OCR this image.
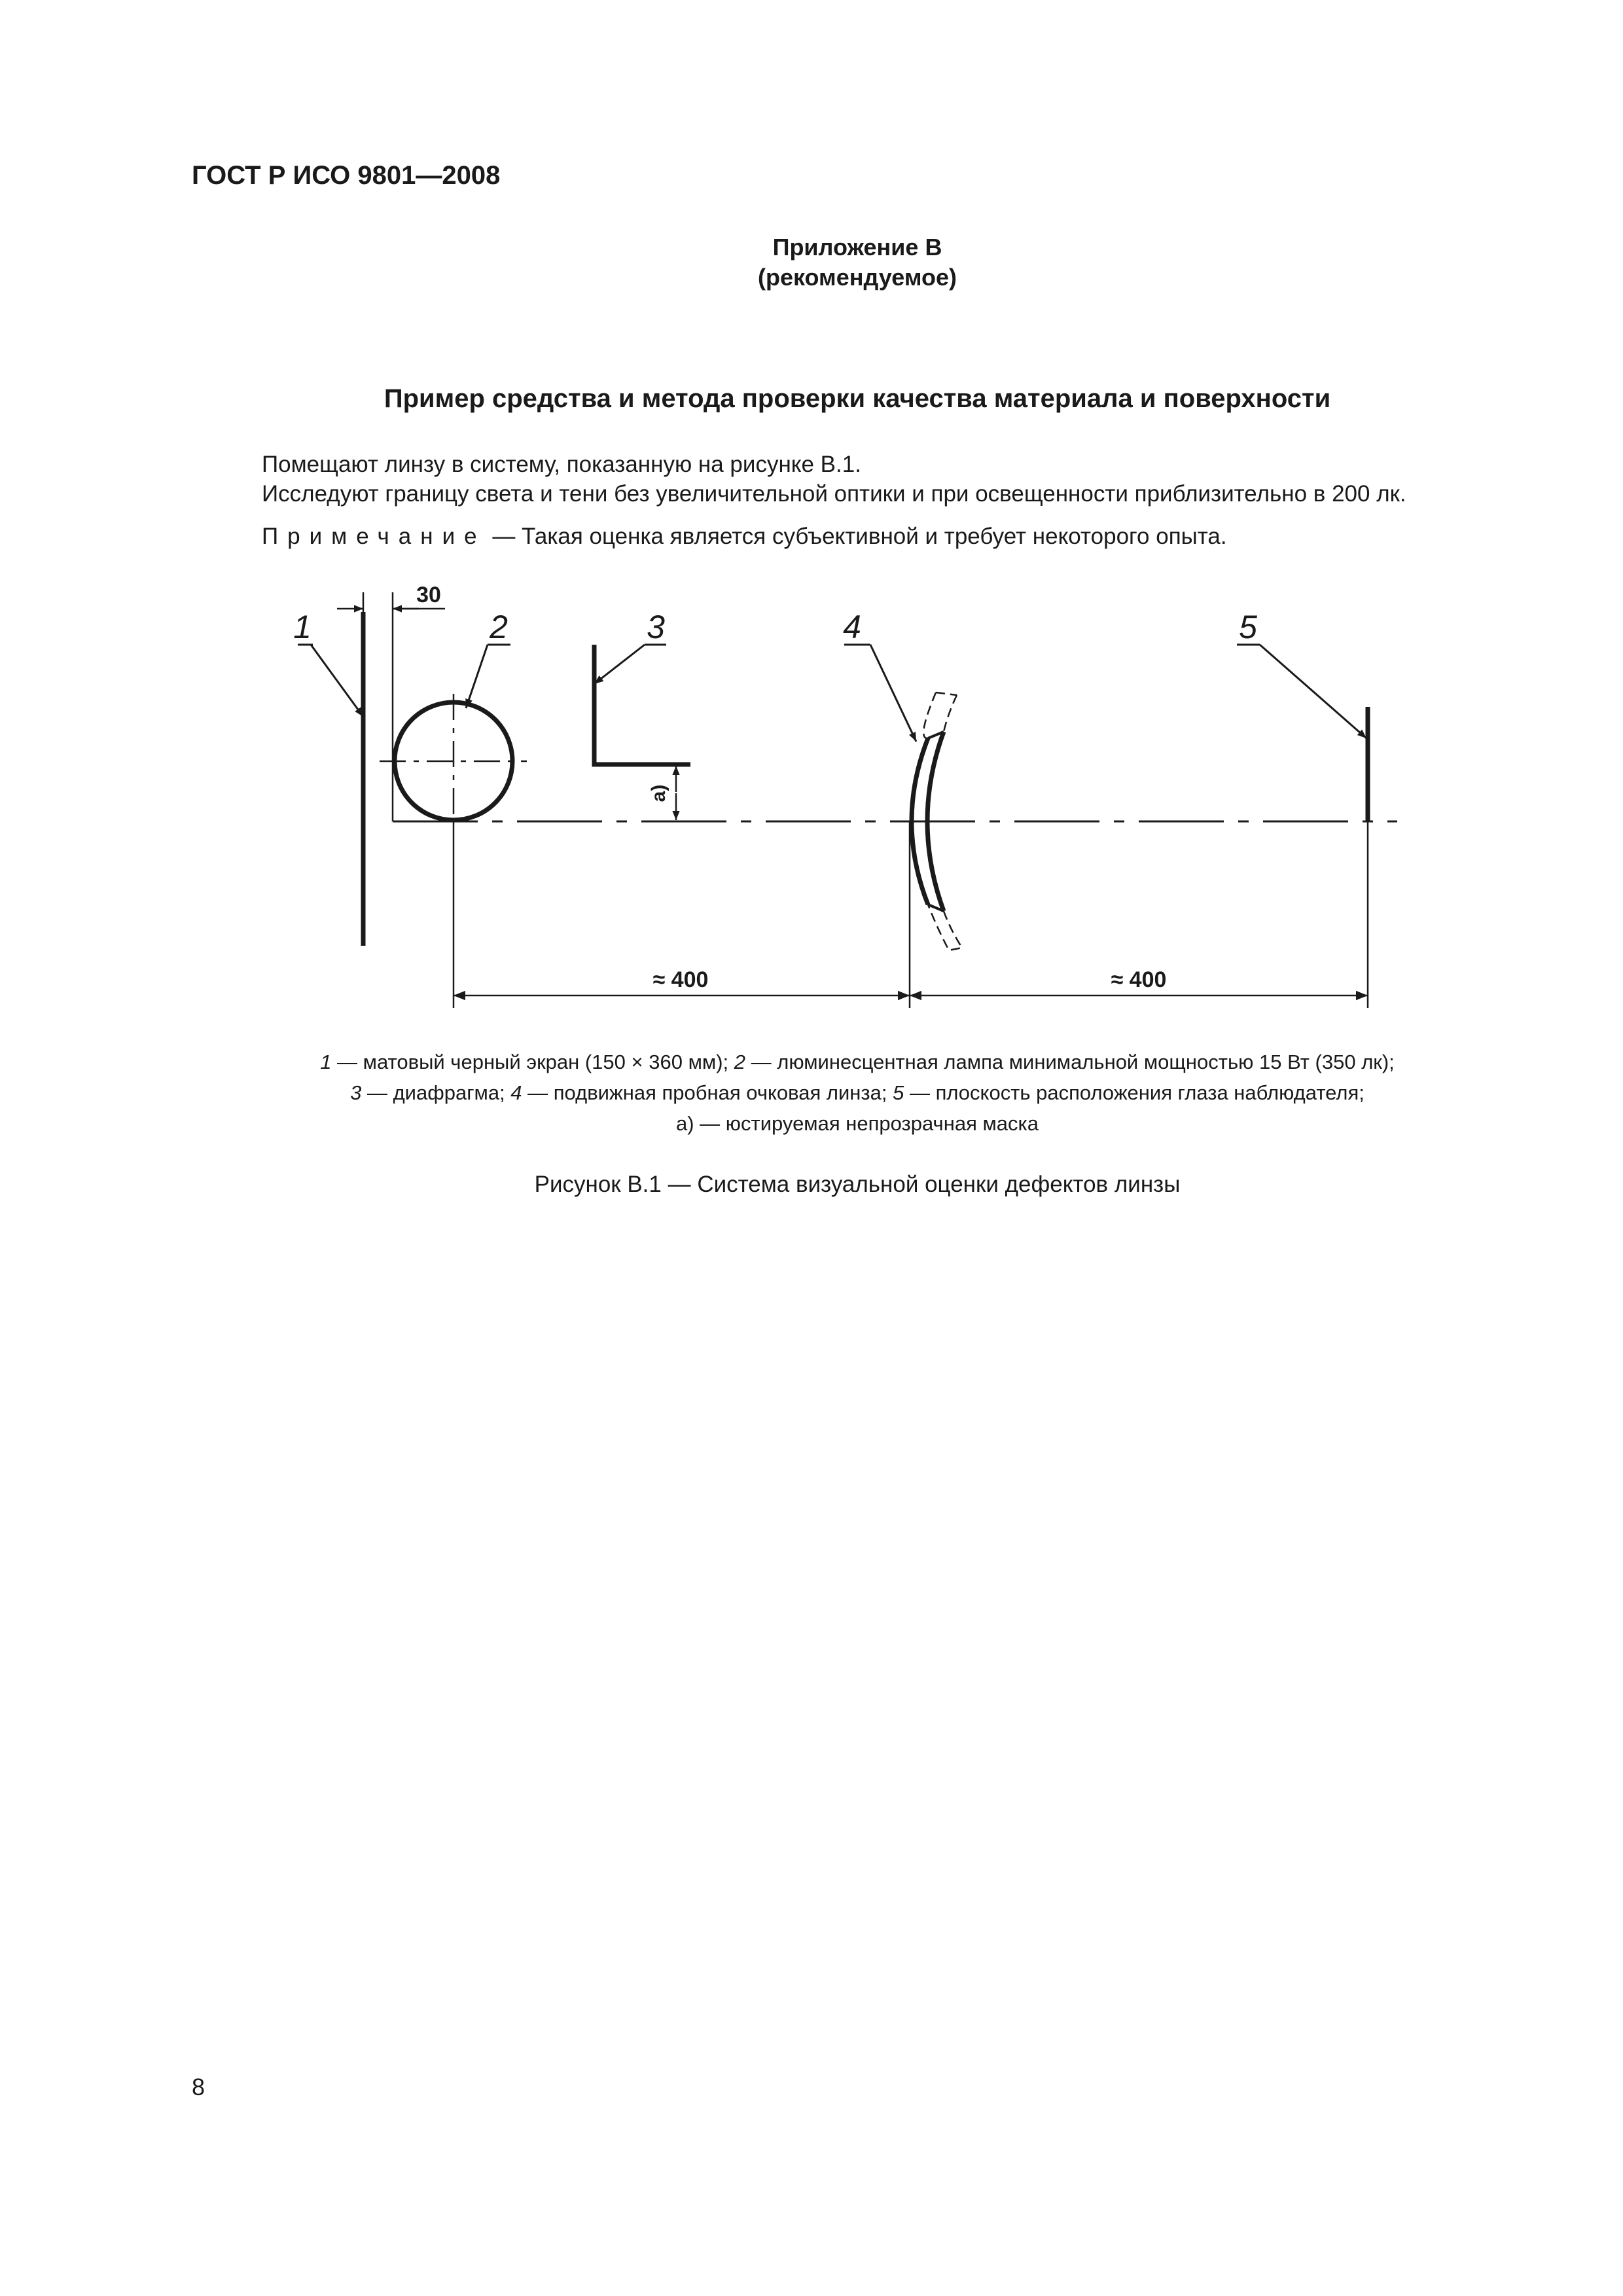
ГОСТ Р ИСО 9801—2008
Приложение В
(рекомендуемое)
Пример средства и метода проверки качества материала и поверхности
Помещают линзу в систему, показанную на рисунке В.1.
Исследуют границу света и тени без увеличительной оптики и при освещенности приблизительно в 200 лк.
Примечание — Такая оценка является субъективной и требует некоторого опыта.
1
30
2	3
a)
4	5
≈ 400	≈ 400
1 — матовый черный экран (150 × 360 мм); 2 — люминесцентная лампа минимальной мощностью 15 Вт (350 лк);
3 — диафрагма; 4 — подвижная пробная очковая линза; 5 — плоскость расположения глаза наблюдателя;
а) — юстируемая непрозрачная маска
Рисунок В.1 — Система визуальной оценки дефектов линзы
8
